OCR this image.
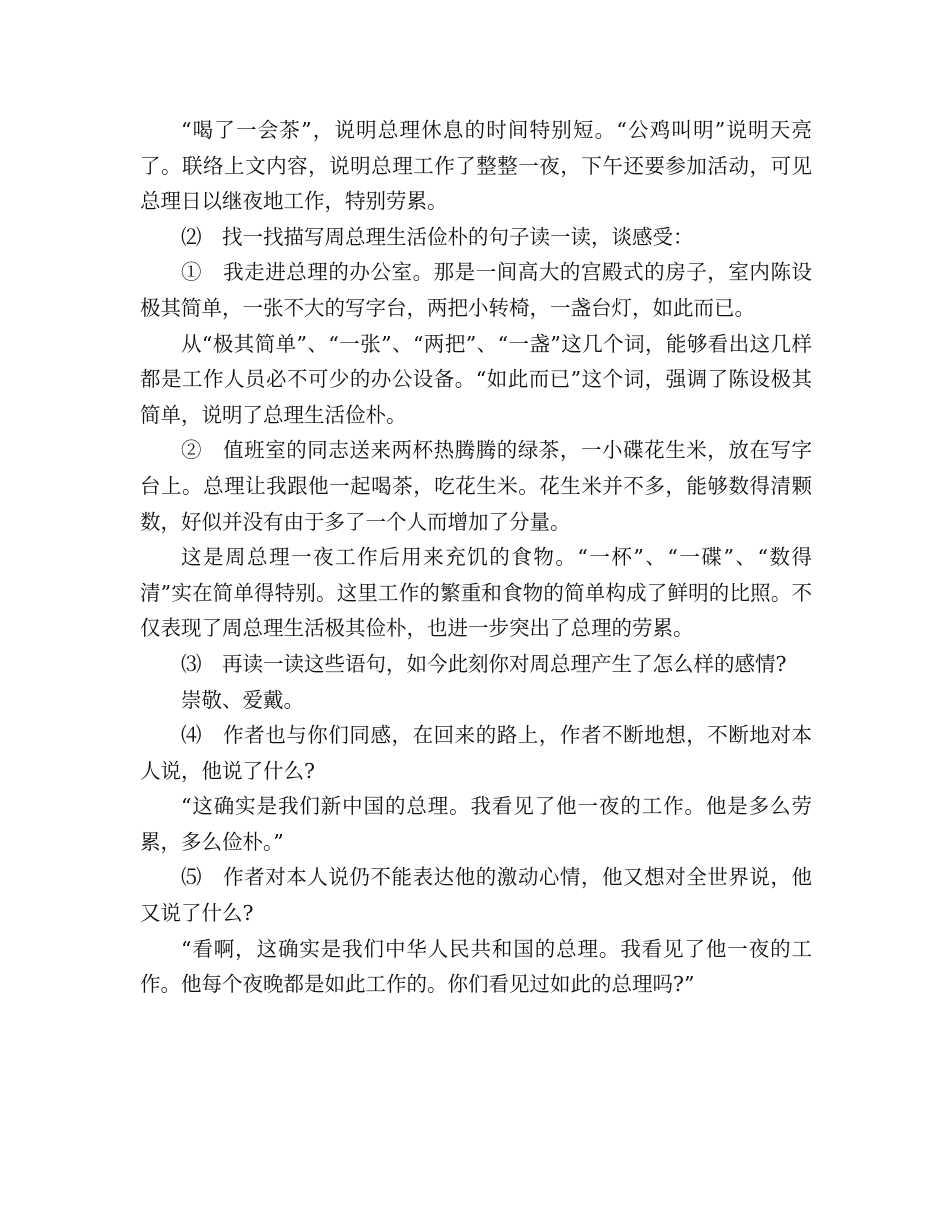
“喝了一会茶”，说明总理休息的时间特别短。“公鸡叫明”说明天亮了。联络上文内容，说明总理工作了整整一夜，下午还要参加活动，可见总理日以继夜地工作，特别劳累。

⑵　找一找描写周总理生活俭朴的句子读一读，谈感受：

①　我走进总理的办公室。那是一间高大的宫殿式的房子，室内陈设极其简单，一张不大的写字台，两把小转椅，一盏台灯，如此而已。

从“极其简单”、“一张”、“两把”、“一盏”这几个词，能够看出这几样都是工作人员必不可少的办公设备。“如此而已”这个词，强调了陈设极其简单，说明了总理生活俭朴。

②　值班室的同志送来两杯热腾腾的绿茶，一小碟花生米，放在写字台上。总理让我跟他一起喝茶，吃花生米。花生米并不多，能够数得清颗数，好似并没有由于多了一个人而增加了分量。

这是周总理一夜工作后用来充饥的食物。“一杯”、“一碟”、“数得清”实在简单得特别。这里工作的繁重和食物的简单构成了鲜明的比照。不仅表现了周总理生活极其俭朴，也进一步突出了总理的劳累。

⑶　再读一读这些语句，如今此刻你对周总理产生了怎么样的感情?

崇敬、爱戴。

⑷　作者也与你们同感，在回来的路上，作者不断地想，不断地对本人说，他说了什么?

“这确实是我们新中国的总理。我看见了他一夜的工作。他是多么劳累，多么俭朴。”

⑸　作者对本人说仍不能表达他的激动心情，他又想对全世界说，他又说了什么?

“看啊，这确实是我们中华人民共和国的总理。我看见了他一夜的工作。他每个夜晚都是如此工作的。你们看见过如此的总理吗?”
